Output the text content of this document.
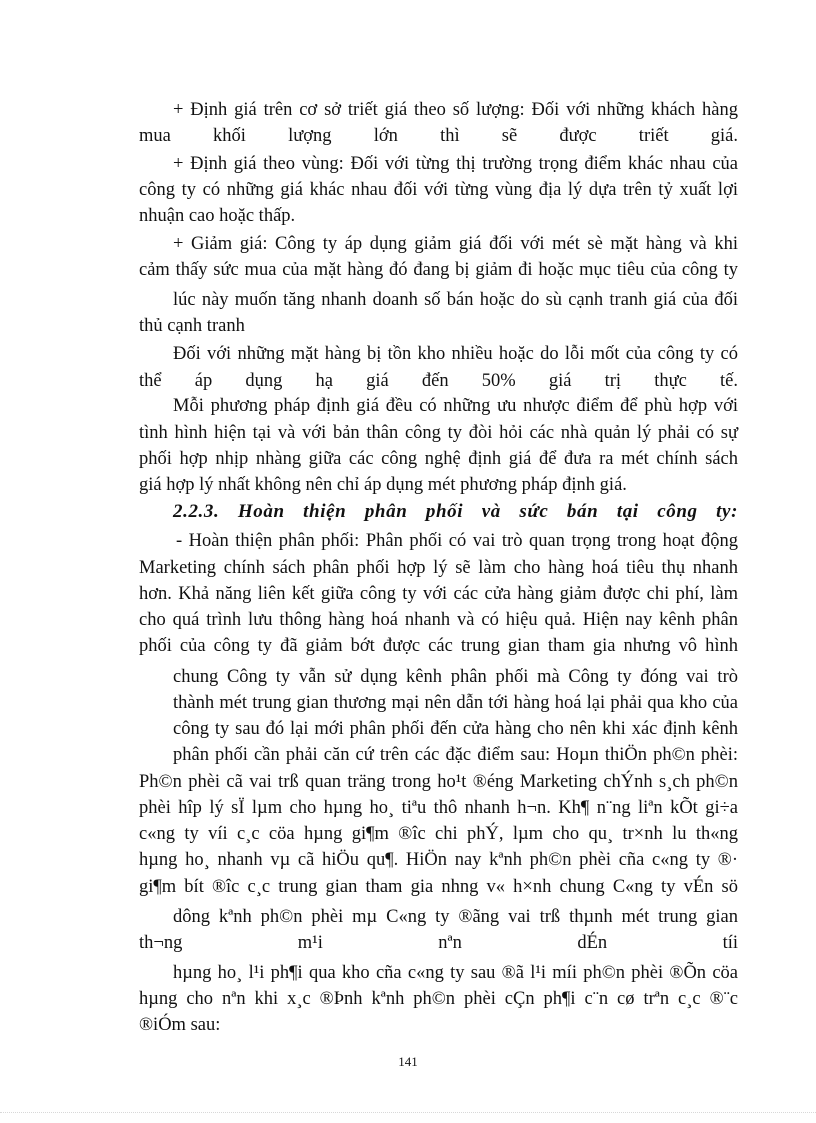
+ Định giá trên cơ sở triết giá theo số lượng: Đối với những khách hàng
mua khối lượng lớn thì sẽ được triết giá.
+ Định giá theo vùng: Đối với từng thị trường trọng điểm khác nhau của
công ty có những giá khác nhau đối với từng vùng địa lý dựa trên tỷ xuất lợi
nhuận cao hoặc thấp.
+ Giảm giá: Công ty áp dụng giảm giá đối với mét sè mặt hàng và khi
cảm thấy sức mua của mặt hàng đó đang bị giảm đi hoặc mục tiêu của công ty
lúc này muốn tăng nhanh doanh số bán hoặc do sù cạnh tranh giá của đối
thủ cạnh tranh
Đối với những mặt hàng bị tồn kho nhiều hoặc do lỗi mốt của công ty có
thể áp dụng hạ giá đến 50% giá trị thực tế.
Mỗi phương pháp định giá đều có những ưu nhược điểm để phù hợp với
tình hình hiện tại và với bản thân công ty đòi hỏi các nhà quản lý phải có sự
phối hợp nhịp nhàng giữa các công nghệ định giá để đưa ra mét chính sách
giá hợp lý nhất không nên chỉ áp dụng mét phương pháp định giá.
2.2.3. Hoàn thiện phân phối và sức bán tại công ty:
- Hoàn thiện phân phối: Phân phối có vai trò quan trọng trong hoạt động
Marketing chính sách phân phối hợp lý sẽ làm cho hàng hoá tiêu thụ nhanh
hơn. Khả năng liên kết giữa công ty với các cửa hàng giảm được chi phí, làm
cho quá trình lưu thông hàng hoá nhanh và có hiệu quả. Hiện nay kênh phân
phối của công ty đã giảm bớt được các trung gian tham gia nhưng vô hình
chung Công ty vẫn sử dụng kênh phân phối mà Công ty đóng vai trò
thành mét trung gian thương mại nên dẫn tới hàng hoá lại phải qua kho của
công ty sau đó lại mới phân phối đến cửa hàng cho nên khi xác định kênh
phân phối cần phải căn cứ trên các đặc điểm sau: Hoµn thiÖn ph©n phèi:
Ph©n phèi cã vai trß quan träng trong ho¹t ®éng Marketing chÝnh s¸ch ph©n
phèi hîp lý sÏ lµm cho hµng ho¸ tiªu thô nhanh h¬n. Kh¶ n¨ng liªn kÕt gi÷a
c«ng ty víi c¸c cöa hµng gi¶m ®îc chi phÝ, lµm cho qu¸ tr×nh lu th«ng
hµng ho¸ nhanh vµ cã hiÖu qu¶. HiÖn nay kªnh ph©n phèi cña c«ng ty ®·
gi¶m bít ®îc c¸c trung gian tham gia nhng v« h×nh chung C«ng ty vÉn sö
dông kªnh ph©n phèi mµ C«ng ty ®ãng vai trß thµnh mét trung gian
th¬ng m¹i nªn dÉn tíi
hµng ho¸ l¹i ph¶i qua kho cña c«ng ty sau ®ã l¹i míi ph©n phèi ®Õn cöa
hµng cho nªn khi x¸c ®Þnh kªnh ph©n phèi cÇn ph¶i c¨n cø trªn c¸c ®¨c
®iÓm sau:
141
